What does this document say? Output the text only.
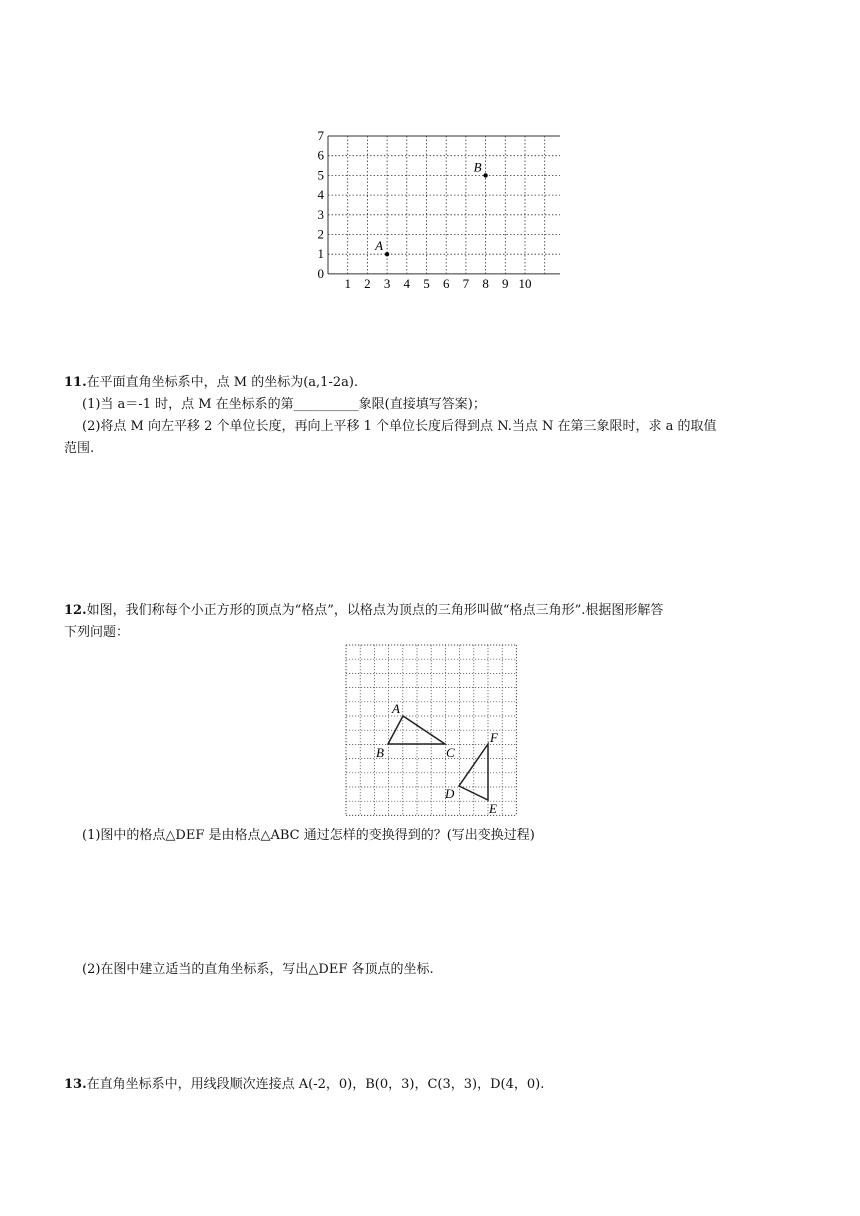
0
1
2
3
4
5
6
7
1 2 3 4 5 6 7 8 9 10
A
B
11.在平面直角坐标系中，点 M 的坐标为(a,1-2a).
(1)当 a＝-1 时，点 M 在坐标系的第__________象限(直接填写答案)；
(2)将点 M 向左平移 2 个单位长度，再向上平移 1 个单位长度后得到点 N.当点 N 在第三象限时，求 a 的取值
范围.
12.如图，我们称每个小正方形的顶点为“格点”，以格点为顶点的三角形叫做“格点三角形”.根据图形解答
下列问题：
A
B	C
F
D
E
(1)图中的格点△DEF 是由格点△ABC 通过怎样的变换得到的？(写出变换过程)
(2)在图中建立适当的直角坐标系，写出△DEF 各顶点的坐标.
13.在直角坐标系中，用线段顺次连接点 A(-2，0)，B(0，3)，C(3，3)，D(4，0).
